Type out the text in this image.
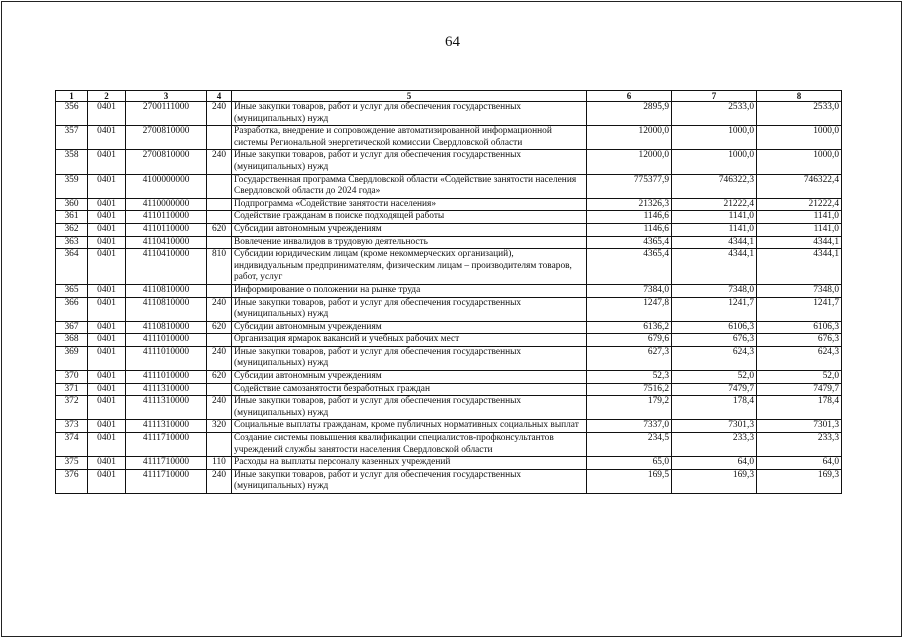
64
1	2	3	4	5	6	7	8
356	0401	2700111000	240	Иные закупки товаров, работ и услуг для обеспечения государственных (муниципальных) нужд	2895,9	2533,0	2533,0
357	0401	2700810000		Разработка, внедрение и сопровождение автоматизированной информационной системы Региональной энергетической комиссии Свердловской области	12000,0	1000,0	1000,0
358	0401	2700810000	240	Иные закупки товаров, работ и услуг для обеспечения государственных (муниципальных) нужд	12000,0	1000,0	1000,0
359	0401	4100000000		Государственная программа Свердловской области «Содействие занятости населения Свердловской области до 2024 года»	775377,9	746322,3	746322,4
360	0401	4110000000		Подпрограмма «Содействие занятости населения»	21326,3	21222,4	21222,4
361	0401	4110110000		Содействие гражданам в поиске подходящей работы	1146,6	1141,0	1141,0
362	0401	4110110000	620	Субсидии автономным учреждениям	1146,6	1141,0	1141,0
363	0401	4110410000		Вовлечение инвалидов в трудовую деятельность	4365,4	4344,1	4344,1
364	0401	4110410000	810	Субсидии юридическим лицам (кроме некоммерческих организаций), индивидуальным предпринимателям, физическим лицам – производителям товаров, работ, услуг	4365,4	4344,1	4344,1
365	0401	4110810000		Информирование о положении на рынке труда	7384,0	7348,0	7348,0
366	0401	4110810000	240	Иные закупки товаров, работ и услуг для обеспечения государственных (муниципальных) нужд	1247,8	1241,7	1241,7
367	0401	4110810000	620	Субсидии автономным учреждениям	6136,2	6106,3	6106,3
368	0401	4111010000		Организация ярмарок вакансий и учебных рабочих мест	679,6	676,3	676,3
369	0401	4111010000	240	Иные закупки товаров, работ и услуг для обеспечения государственных (муниципальных) нужд	627,3	624,3	624,3
370	0401	4111010000	620	Субсидии автономным учреждениям	52,3	52,0	52,0
371	0401	4111310000		Содействие самозанятости безработных граждан	7516,2	7479,7	7479,7
372	0401	4111310000	240	Иные закупки товаров, работ и услуг для обеспечения государственных (муниципальных) нужд	179,2	178,4	178,4
373	0401	4111310000	320	Социальные выплаты гражданам, кроме публичных нормативных социальных выплат	7337,0	7301,3	7301,3
374	0401	4111710000		Создание системы повышения квалификации специалистов-профконсультантов учреждений службы занятости населения Свердловской области	234,5	233,3	233,3
375	0401	4111710000	110	Расходы на выплаты персоналу казенных учреждений	65,0	64,0	64,0
376	0401	4111710000	240	Иные закупки товаров, работ и услуг для обеспечения государственных (муниципальных) нужд	169,5	169,3	169,3
